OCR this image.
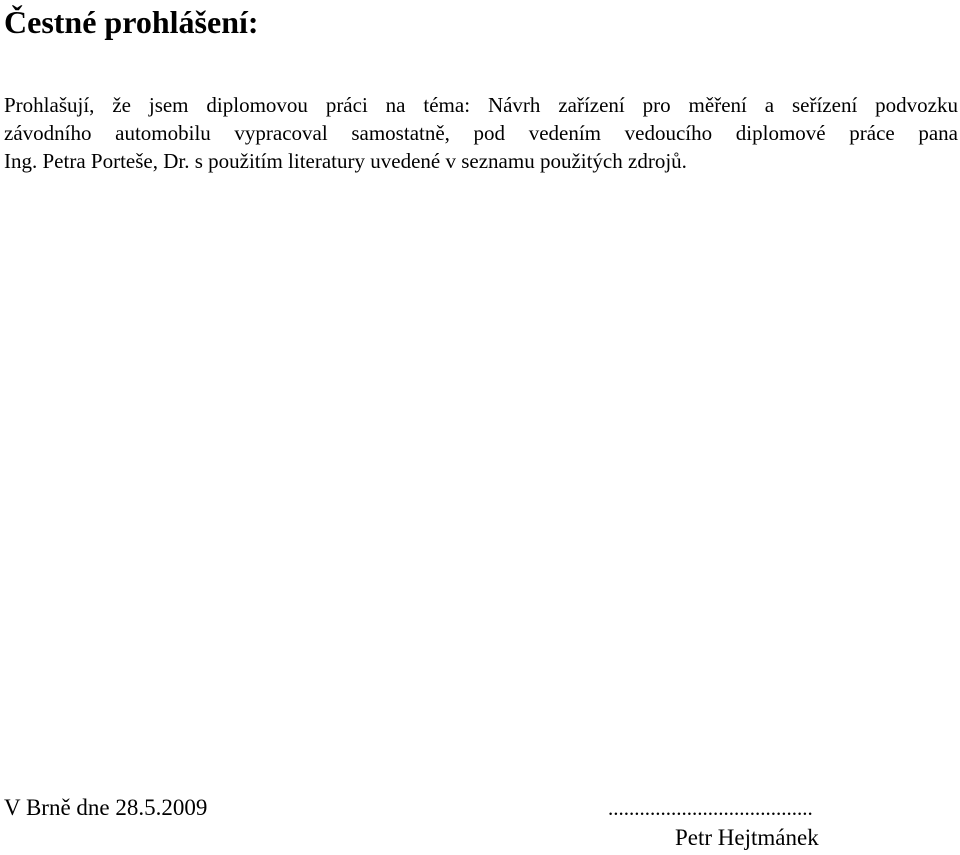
Čestné prohlášení:

Prohlašují, že jsem diplomovou práci na téma: Návrh zařízení pro měření a seřízení podvozku
závodního automobilu vypracoval samostatně, pod vedením vedoucího diplomové práce pana
Ing. Petra Porteše, Dr. s použitím literatury uvedené v seznamu použitých zdrojů.

V Brně dne 28.5.2009	.......................................
Petr Hejtmánek
